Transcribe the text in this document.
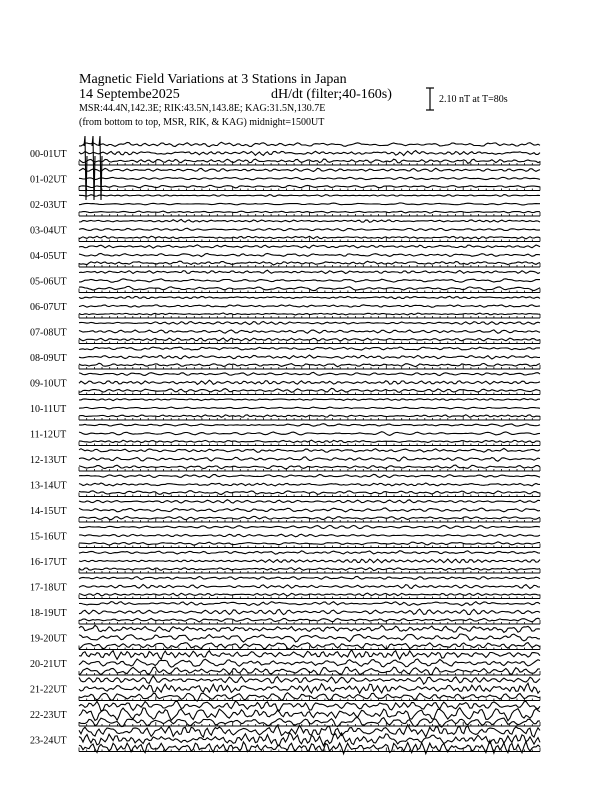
Magnetic Field Variations at 3 Stations in Japan
14 Septembe2025	dH/dt (filter;40-160s)
MSR:44.4N,142.3E; RIK:43.5N,143.8E; KAG:31.5N,130.7E
(from bottom to top, MSR, RIK, & KAG) midnight=1500UT
2.10 nT at T=80s
00-01UT
01-02UT
02-03UT
03-04UT
04-05UT
05-06UT
06-07UT
07-08UT
08-09UT
09-10UT
10-11UT
11-12UT
12-13UT
13-14UT
14-15UT
15-16UT
16-17UT
17-18UT
18-19UT
19-20UT
20-21UT
21-22UT
22-23UT
23-24UT
